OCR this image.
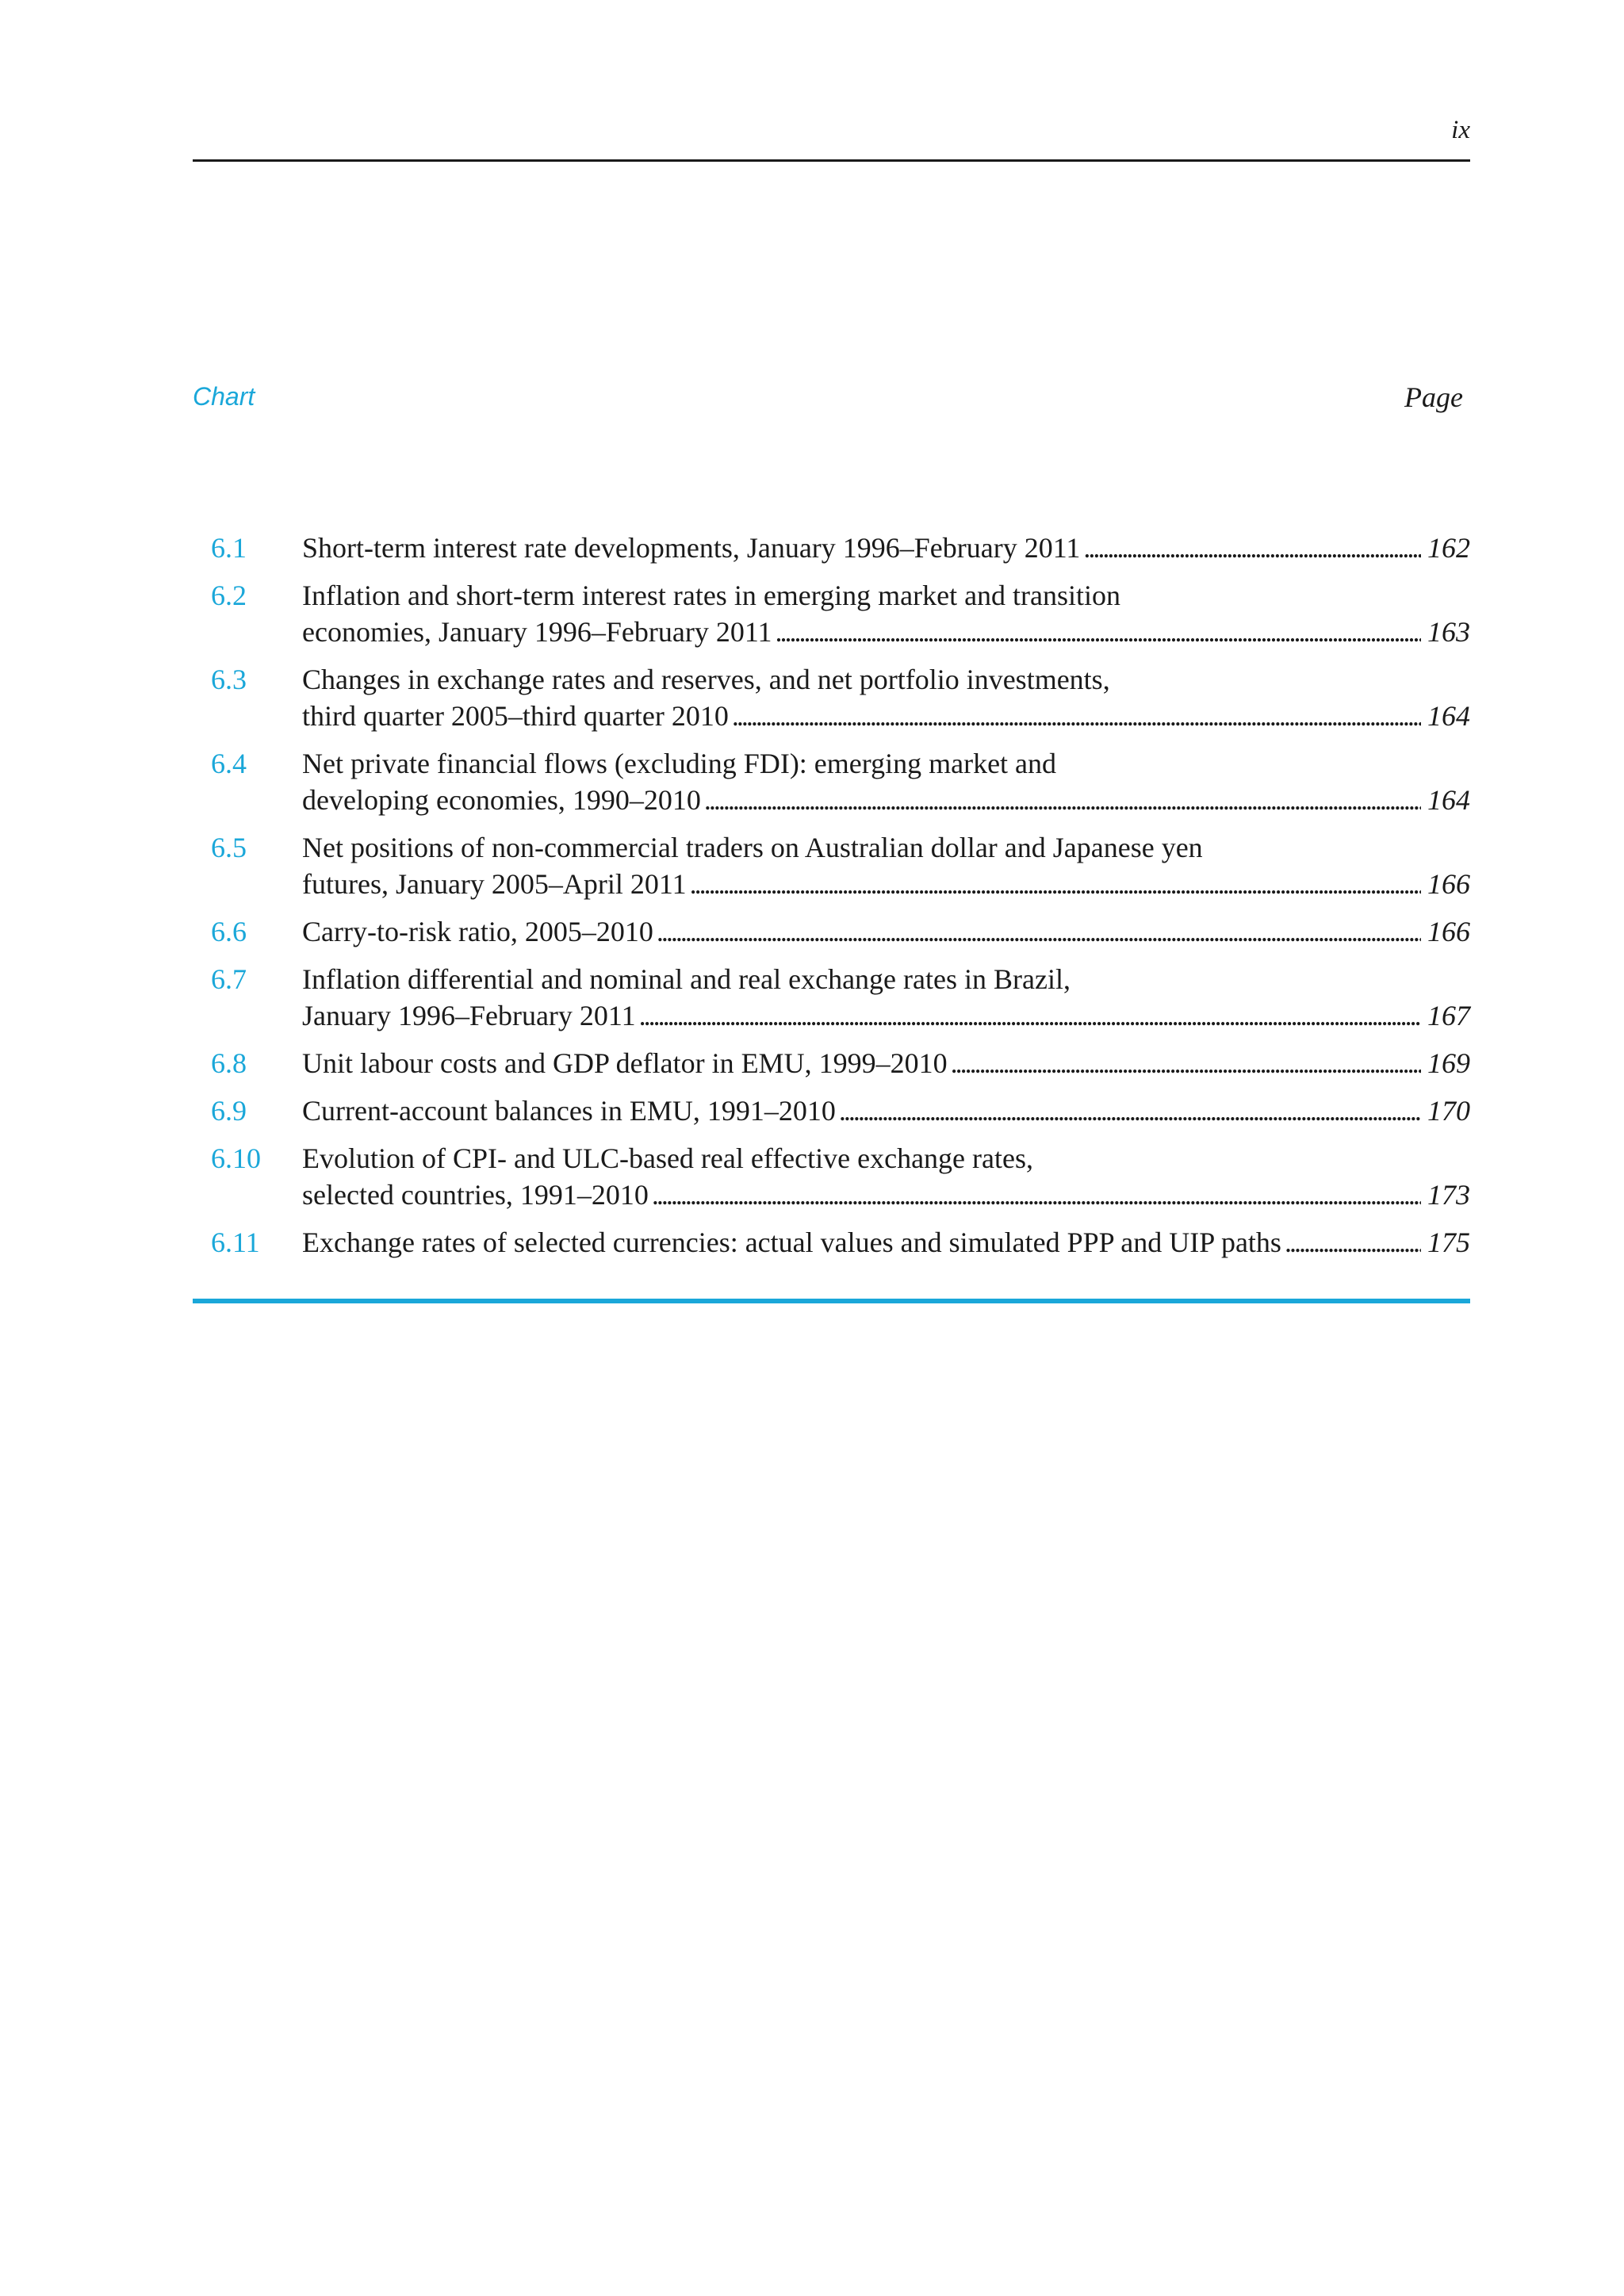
ix
Chart	Page
6.1 Short-term interest rate developments, January 1996–February 2011 . . .	162
6.2 Inflation and short-term interest rates in emerging market and transition
economies, January 1996–February 2011 . . .	163
6.3 Changes in exchange rates and reserves, and net portfolio investments,
third quarter 2005–third quarter 2010 . . .	164
6.4 Net private financial flows (excluding FDI): emerging market and
developing economies, 1990–2010 . . .	164
6.5 Net positions of non-commercial traders on Australian dollar and Japanese yen
futures, January 2005–April 2011 . . .	166
6.6 Carry-to-risk ratio, 2005–2010 . . .	166
6.7 Inflation differential and nominal and real exchange rates in Brazil,
January 1996–February 2011 . . .	167
6.8 Unit labour costs and GDP deflator in EMU, 1999–2010 . . .	169
6.9 Current-account balances in EMU, 1991–2010 . . .	170
6.10 Evolution of CPI- and ULC-based real effective exchange rates,
selected countries, 1991–2010 . . .	173
6.11 Exchange rates of selected currencies: actual values and simulated PPP and UIP paths . . .	175
